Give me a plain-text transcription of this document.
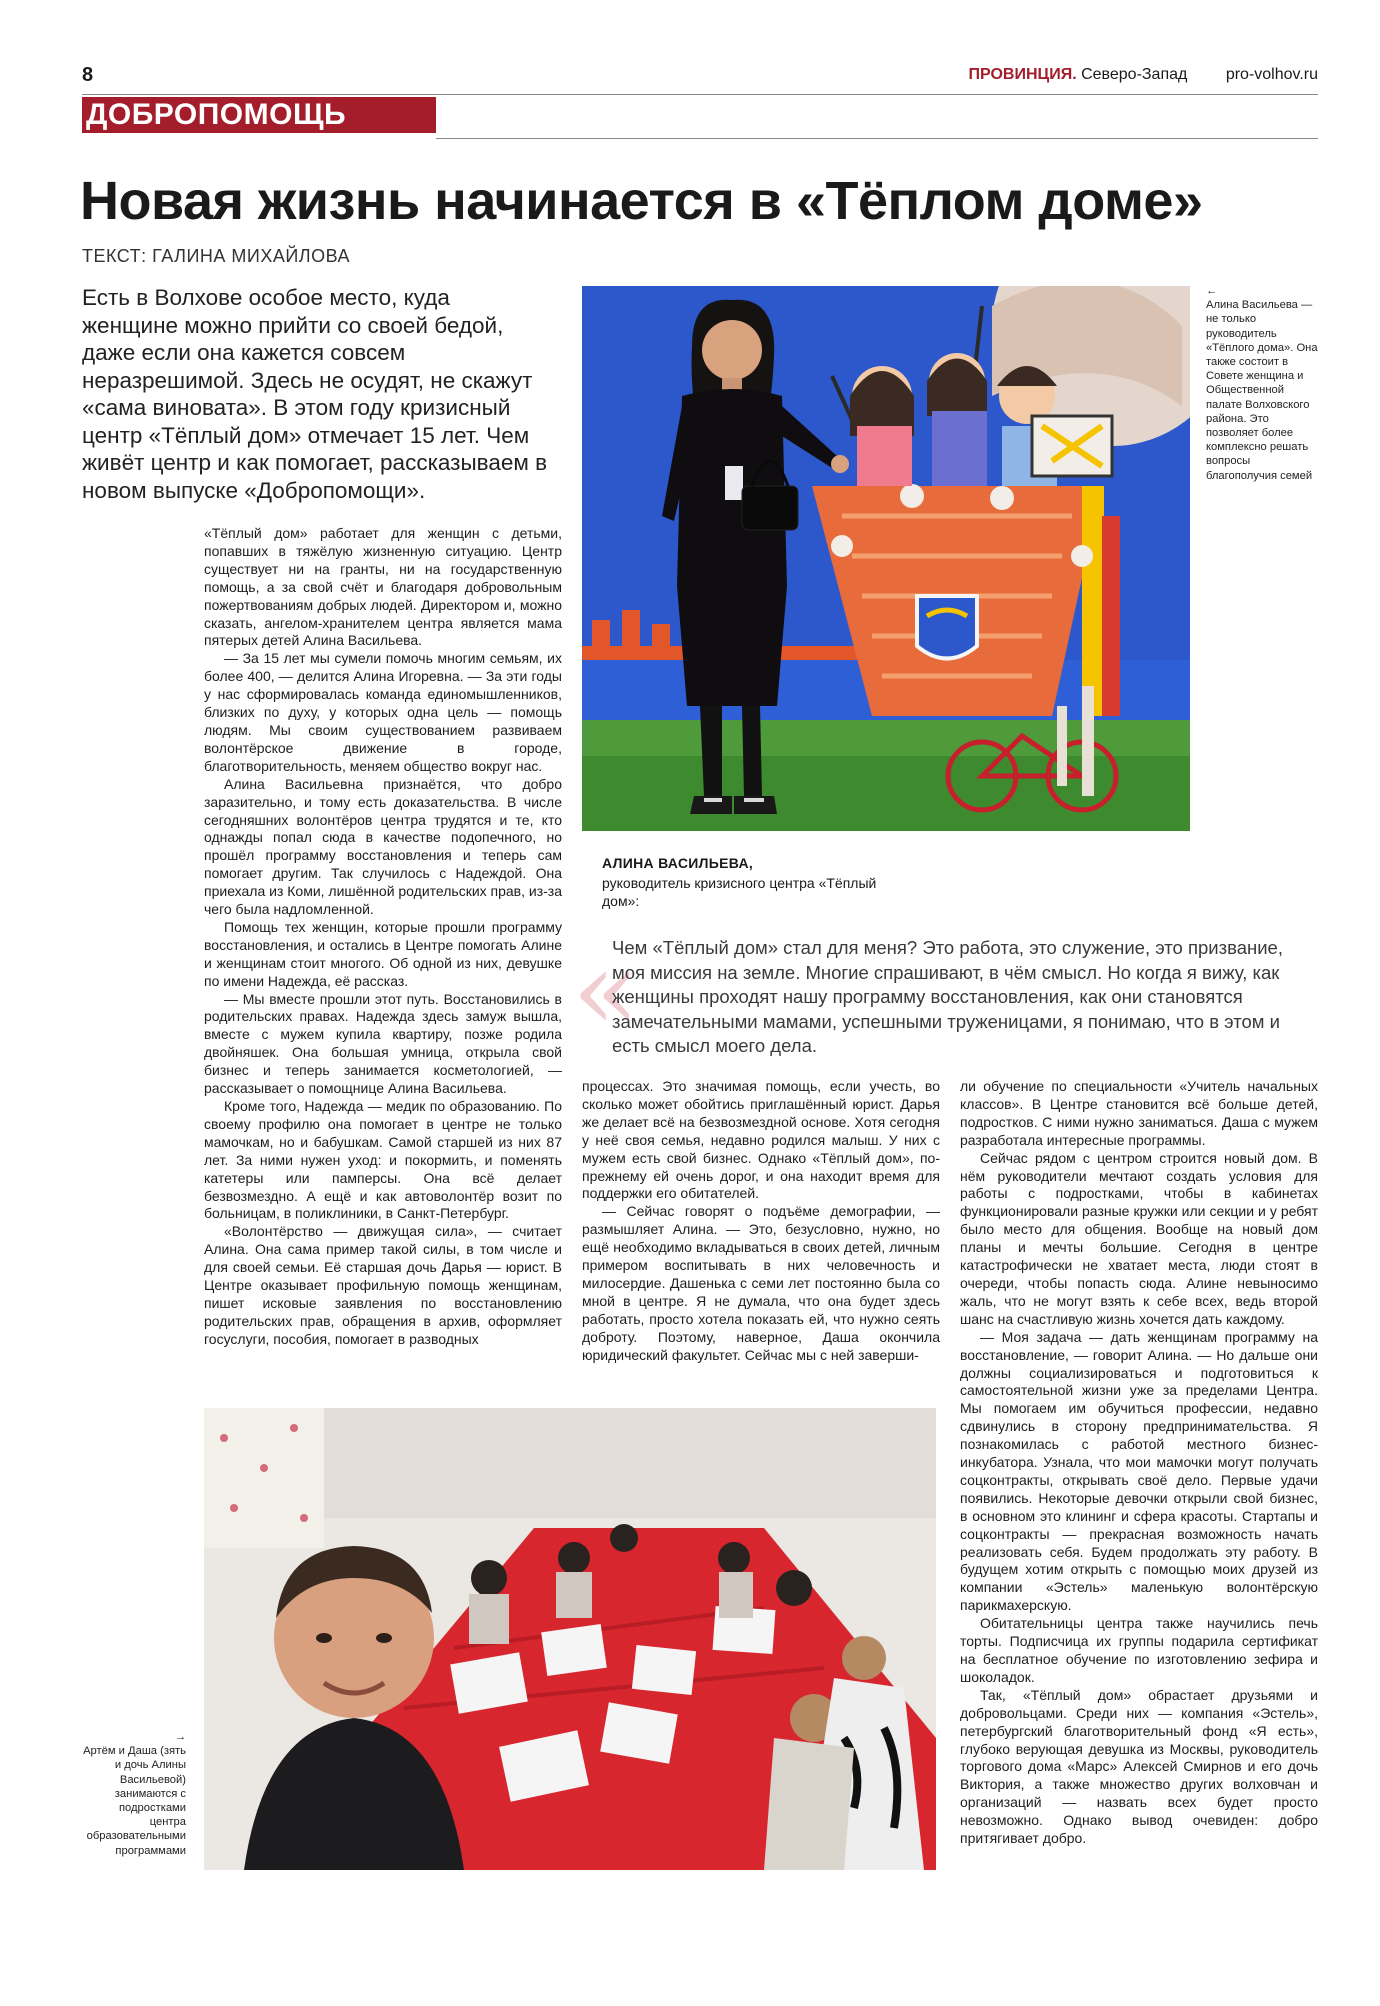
8	ПРОВИНЦИЯ. Северо-Запад pro-volhov.ru
ДОБРОПОМОЩЬ
Новая жизнь начинается в «Тёплом доме»
ТЕКСТ: ГАЛИНА МИХАЙЛОВА

Есть в Волхове особое место, куда женщине можно прийти со своей бедой, даже если она кажется совсем неразрешимой. Здесь не осудят, не скажут «сама виновата». В этом году кризисный центр «Тёплый дом» отмечает 15 лет. Чем живёт центр и как помогает, рассказываем в новом выпуске «Добропомощи».

«Тёплый дом» работает для женщин с детьми, попавших в тяжёлую жизненную ситуацию. Центр существует ни на гранты, ни на государственную помощь, а за свой счёт и благодаря добровольным пожертвованиям добрых людей. Директором и, можно сказать, ангелом-хранителем центра является мама пятерых детей Алина Васильева.

— За 15 лет мы сумели помочь многим семьям, их более 400, — делится Алина Игоревна. — За эти годы у нас сформировалась команда единомышленников, близких по духу, у которых одна цель — помощь людям. Мы своим существованием развиваем волонтёрское движение в городе, благотворительность, меняем общество вокруг нас.

Алина Васильевна признаётся, что добро заразительно, и тому есть доказательства. В числе сегодняшних волонтёров центра трудятся и те, кто однажды попал сюда в качестве подопечного, но прошёл программу восстановления и теперь сам помогает другим. Так случилось с Надеждой. Она приехала из Коми, лишённой родительских прав, из-за чего была надломленной.

Помощь тех женщин, которые прошли программу восстановления, и остались в Центре помогать Алине и женщинам стоит многого. Об одной из них, девушке по имени Надежда, её рассказ.

— Мы вместе прошли этот путь. Восстановились в родительских правах. Надежда здесь замуж вышла, вместе с мужем купила квартиру, позже родила двойняшек. Она большая умница, открыла свой бизнес и теперь занимается косметологией, — рассказывает о помощнице Алина Васильева.

Кроме того, Надежда — медик по образованию. По своему профилю она помогает в центре не только мамочкам, но и бабушкам. Самой старшей из них 87 лет. За ними нужен уход: и покормить, и поменять катетеры или памперсы. Она всё делает безвозмездно. А ещё и как автоволонтёр возит по больницам, в поликлиники, в Санкт-Петербург.

«Волонтёрство — движущая сила», — считает Алина. Она сама пример такой силы, в том числе и для своей семьи. Её старшая дочь Дарья — юрист. В Центре оказывает профильную помощь женщинам, пишет исковые заявления по восстановлению родительских прав, обращения в архив, оформляет госуслуги, пособия, помогает в разводных

←
Алина Васильева — не только руководитель «Тёплого дома». Она также состоит в Совете женщина и Общественной палате Волховского района. Это позволяет более комплексно решать вопросы благополучия семей
АЛИНА ВАСИЛЬЕВА,
руководитель кризисного центра «Тёплый дом»:
«
Чем «Тёплый дом» стал для меня? Это работа, это служение, это призвание, моя миссия на земле. Многие спрашивают, в чём смысл. Но когда я вижу, как женщины проходят нашу программу восстановления, как они становятся замечательными мамами, успешными труженицами, я понимаю, что в этом и есть смысл моего дела.

процессах. Это значимая помощь, если учесть, во сколько может обойтись приглашённый юрист. Дарья же делает всё на безвозмездной основе. Хотя сегодня у неё своя семья, недавно родился малыш. У них с мужем есть свой бизнес. Однако «Тёплый дом», по-прежнему ей очень дорог, и она находит время для поддержки его обитателей.

— Сейчас говорят о подъёме демографии, — размышляет Алина. — Это, безусловно, нужно, но ещё необходимо вкладываться в своих детей, личным примером воспитывать в них человечность и милосердие. Дашенька с семи лет постоянно была со мной в центре. Я не думала, что она будет здесь работать, просто хотела показать ей, что нужно сеять доброту. Поэтому, наверное, Даша окончила юридический факультет. Сейчас мы с ней заверши-

ли обучение по специальности «Учитель начальных классов». В Центре становится всё больше детей, подростков. С ними нужно заниматься. Даша с мужем разработала интересные программы.

Сейчас рядом с центром строится новый дом. В нём руководители мечтают создать условия для работы с подростками, чтобы в кабинетах функционировали разные кружки или секции и у ребят было место для общения. Вообще на новый дом планы и мечты большие. Сегодня в центре катастрофически не хватает места, люди стоят в очереди, чтобы попасть сюда. Алине невыносимо жаль, что не могут взять к себе всех, ведь второй шанс на счастливую жизнь хочется дать каждому.

— Моя задача — дать женщинам программу на восстановление, — говорит Алина. — Но дальше они должны социализироваться и подготовиться к самостоятельной жизни уже за пределами Центра. Мы помогаем им обучиться профессии, недавно сдвинулись в сторону предпринимательства. Я познакомилась с работой местного бизнес-инкубатора. Узнала, что мои мамочки могут получать соцконтракты, открывать своё дело. Первые удачи появились. Некоторые девочки открыли свой бизнес, в основном это клининг и сфера красоты. Стартапы и соцконтракты — прекрасная возможность начать реализовать себя. Будем продолжать эту работу. В будущем хотим открыть с помощью моих друзей из компании «Эстель» маленькую волонтёрскую парикмахерскую.

Обитательницы центра также научились печь торты. Подписчица их группы подарила сертификат на бесплатное обучение по изготовлению зефира и шоколадок.

Так, «Тёплый дом» обрастает друзьями и добровольцами. Среди них — компания «Эстель», петербургский благотворительный фонд «Я есть», глубоко верующая девушка из Москвы, руководитель торгового дома «Марс» Алексей Смирнов и его дочь Виктория, а также множество других волховчан и организаций — назвать всех будет просто невозможно. Однако вывод очевиден: добро притягивает добро.

→
Артём и Даша (зять и дочь Алины Васильевой) занимаются с подростками центра образовательными программами
